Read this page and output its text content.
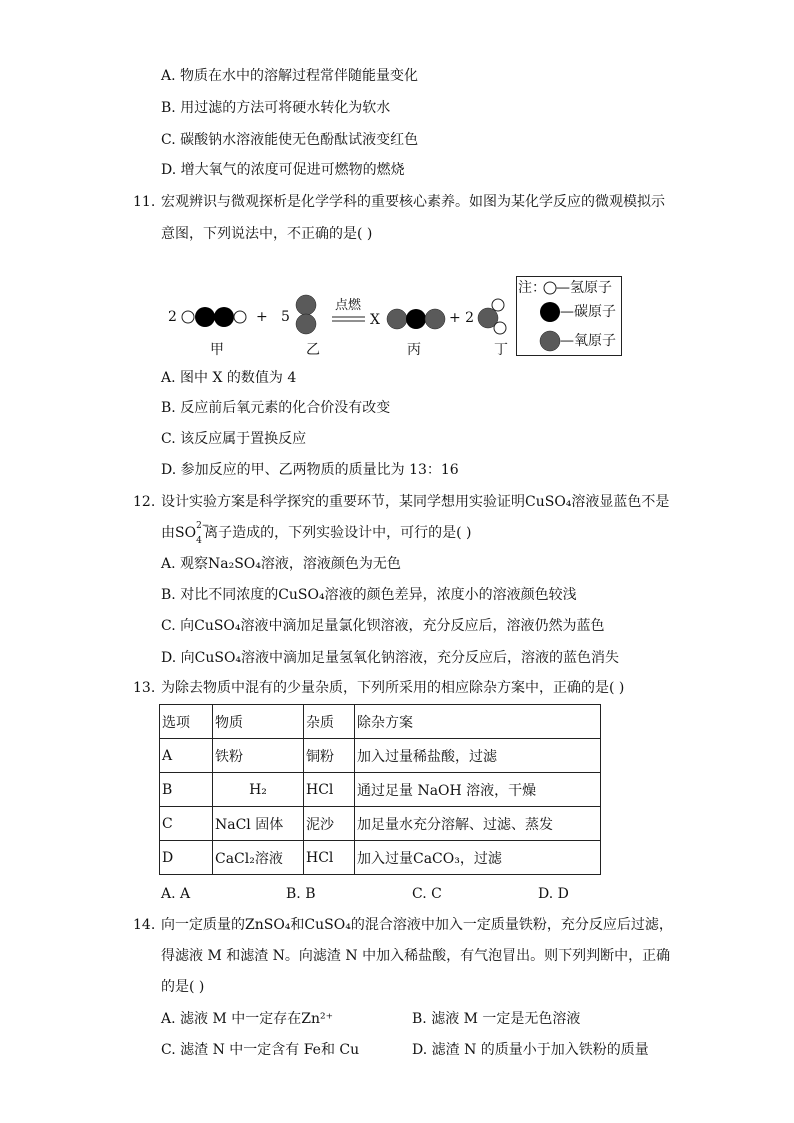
A. 物质在水中的溶解过程常伴随能量变化
B. 用过滤的方法可将硬水转化为软水
C. 碳酸钠水溶液能使无色酚酞试液变红色
D. 增大氧气的浓度可促进可燃物的燃烧
11. 宏观辨识与微观探析是化学学科的重要核心素养。如图为某化学反应的微观模拟示
意图，下列说法中，不正确的是( )
2	+ 5
点燃
X	+ 2
甲	乙	丙	丁
注： —氢原子
—碳原子
—氧原子
A. 图中 X 的数值为 4
B. 反应前后氧元素的化合价没有改变
C. 该反应属于置换反应
D. 参加反应的甲、乙两物质的质量比为 13：16
12. 设计实验方案是科学探究的重要环节，某同学想用实验证明CuSO₄溶液显蓝色不是
由SO 2−
4 离子造成的，下列实验设计中，可行的是( )
A. 观察Na₂SO₄溶液，溶液颜色为无色
B. 对比不同浓度的CuSO₄溶液的颜色差异，浓度小的溶液颜色较浅
C. 向CuSO₄溶液中滴加足量氯化钡溶液，充分反应后，溶液仍然为蓝色
D. 向CuSO₄溶液中滴加足量氢氧化钠溶液，充分反应后，溶液的蓝色消失
13. 为除去物质中混有的少量杂质，下列所采用的相应除杂方案中，正确的是( )
选项	物质	杂质	除杂方案
A	铁粉	铜粉	加入过量稀盐酸，过滤
B	H₂	HCl	通过足量 NaOH 溶液，干燥
C	NaCl 固体	泥沙	加足量水充分溶解、过滤、蒸发
D	CaCl₂溶液	HCl	加入过量CaCO₃，过滤
A. A	B. B	C. C	D. D
14. 向一定质量的ZnSO₄和CuSO₄的混合溶液中加入一定质量铁粉，充分反应后过滤，
得滤液 M 和滤渣 N。向滤渣 N 中加入稀盐酸，有气泡冒出。则下列判断中，正确
的是( )
A. 滤液 M 中一定存在Zn²⁺	B. 滤液 M 一定是无色溶液
C. 滤渣 N 中一定含有 Fe和 Cu	D. 滤渣 N 的质量小于加入铁粉的质量
